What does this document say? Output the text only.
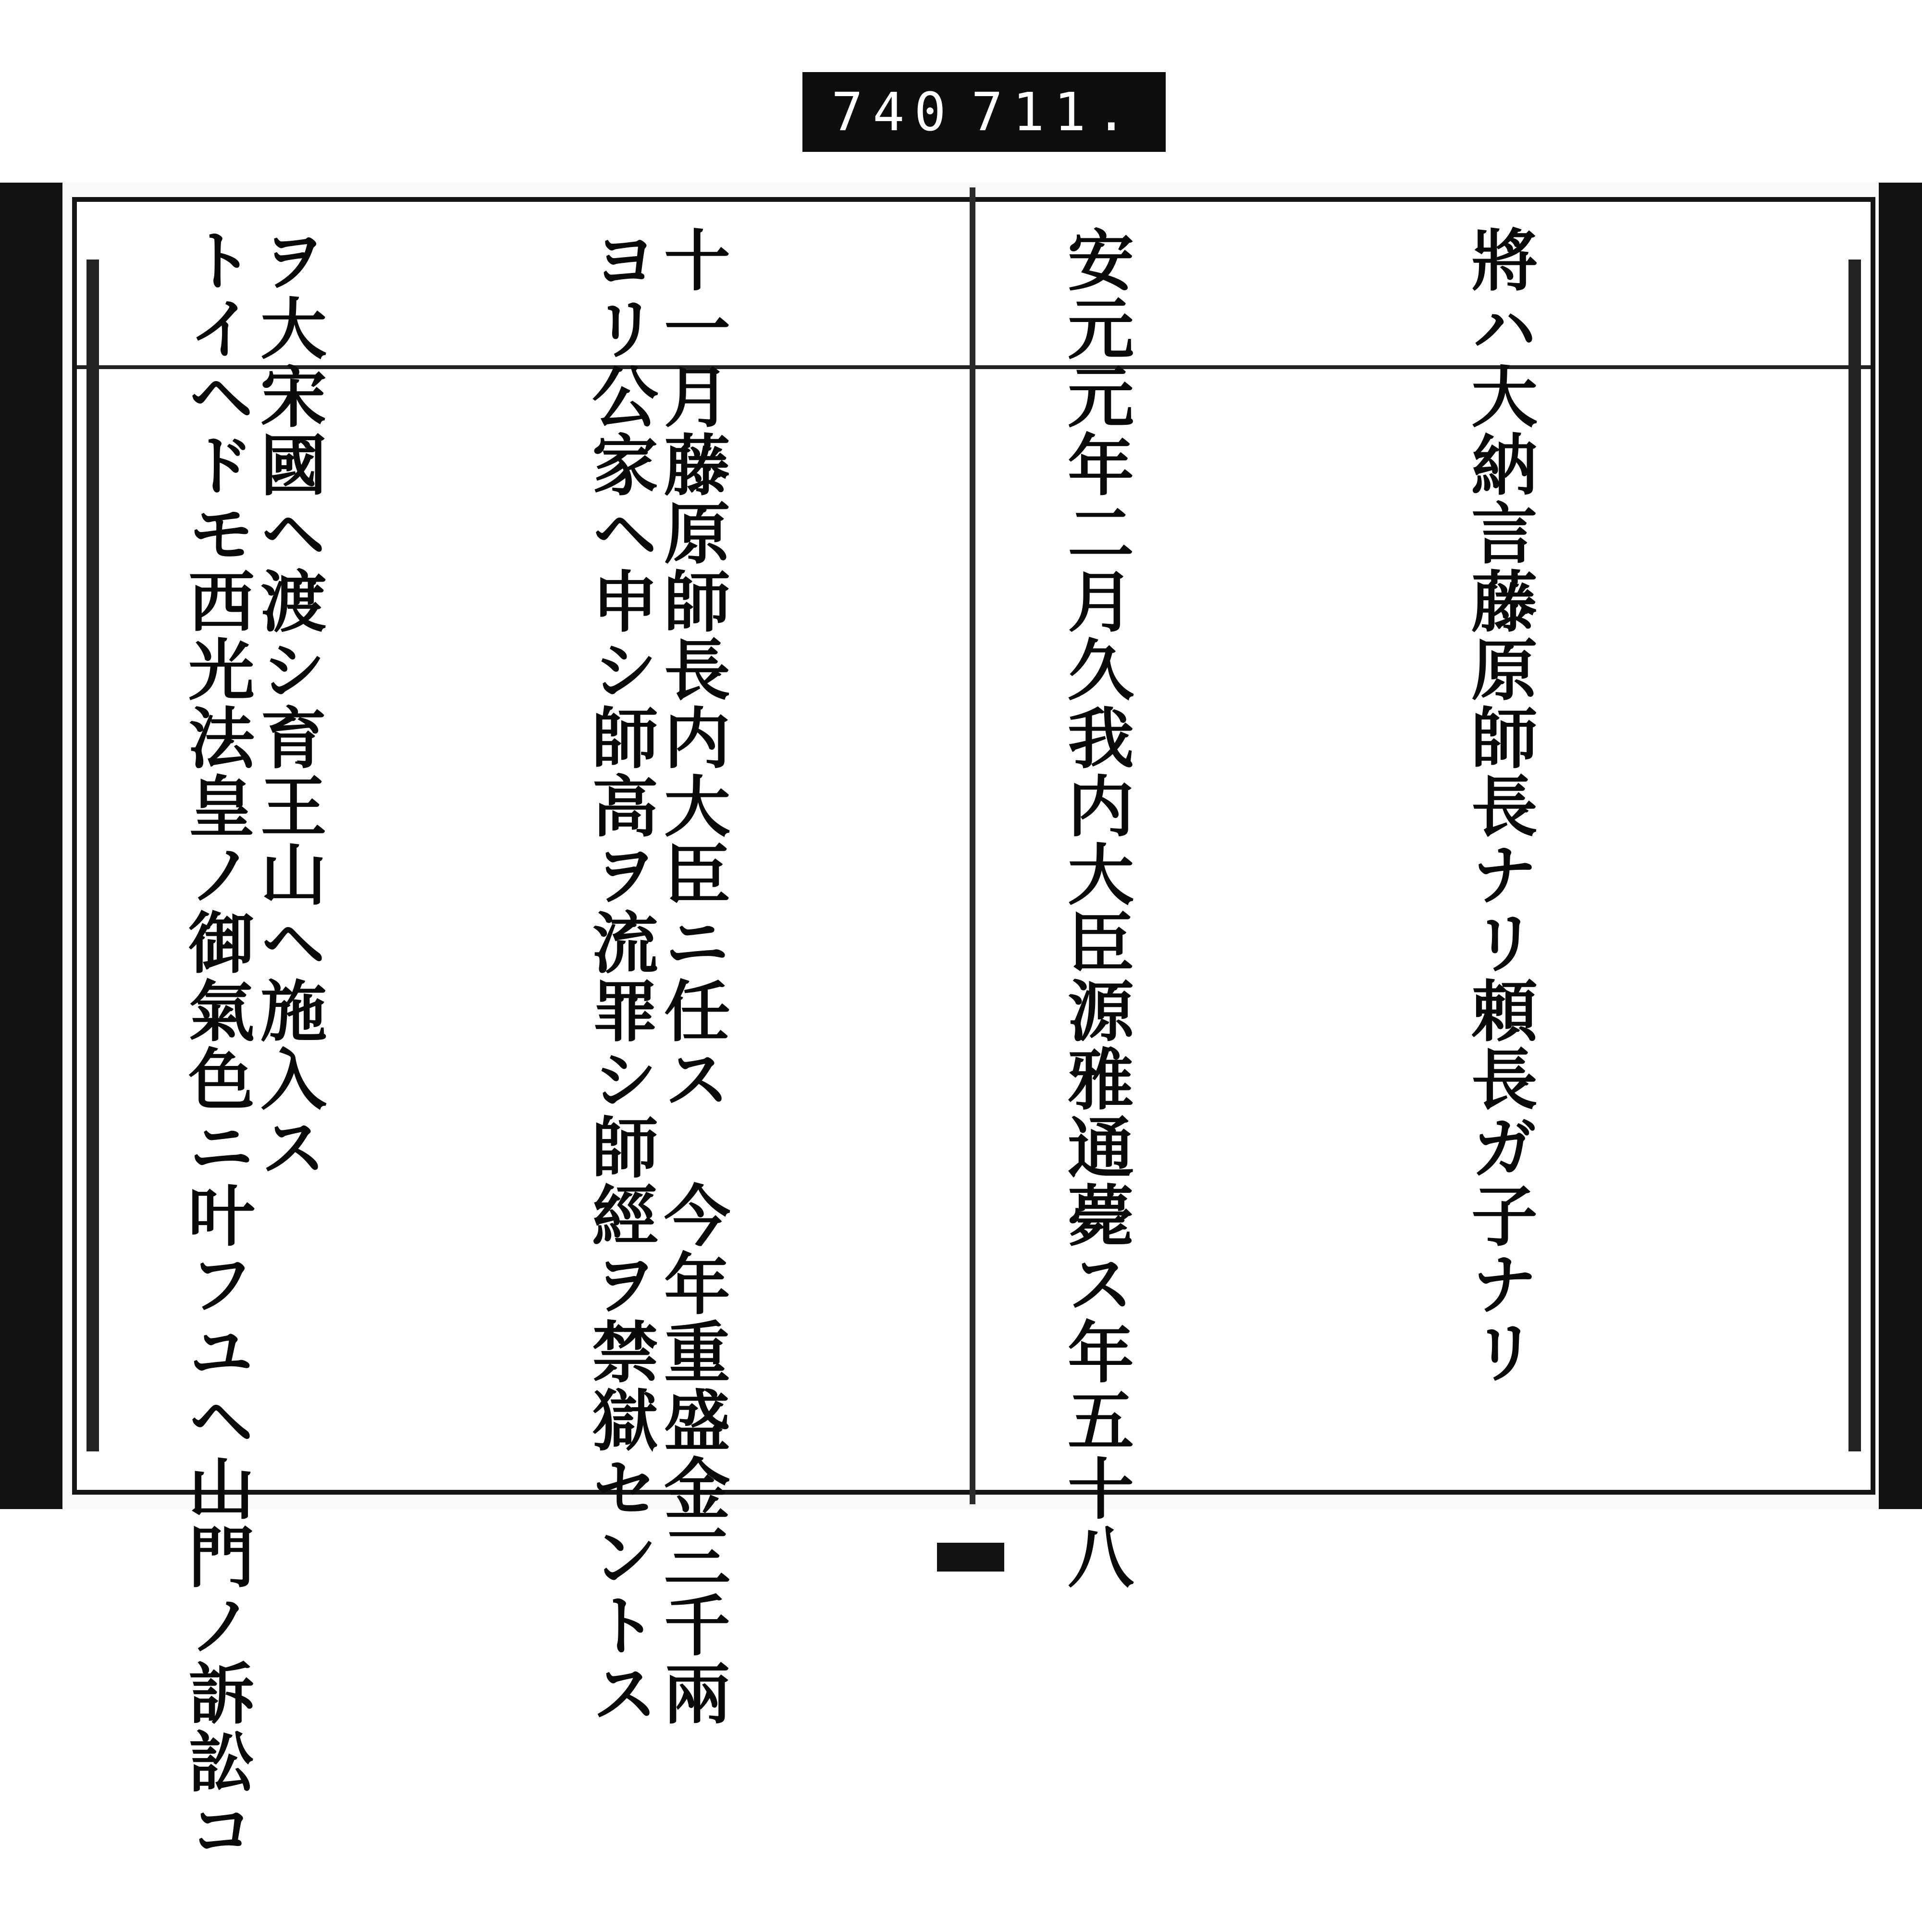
740 711.

將ハ大納言藤原師長ナリ頼長ガ子ナリ

安元元年二月久我内大臣源雅通薨ス年五十八

十一月藤原師長内大臣ニ任ス　今年重盛金三千兩

ヲ大宋國ヘ渡シ育王山ヘ施入ス

	ヨリ公家ヘ申シ師高ヲ流罪シ師經ヲ禁獄セントス

トイヘドモ西光法皇ノ御氣色ニ叶フユヘ山門ノ訴訟コ
